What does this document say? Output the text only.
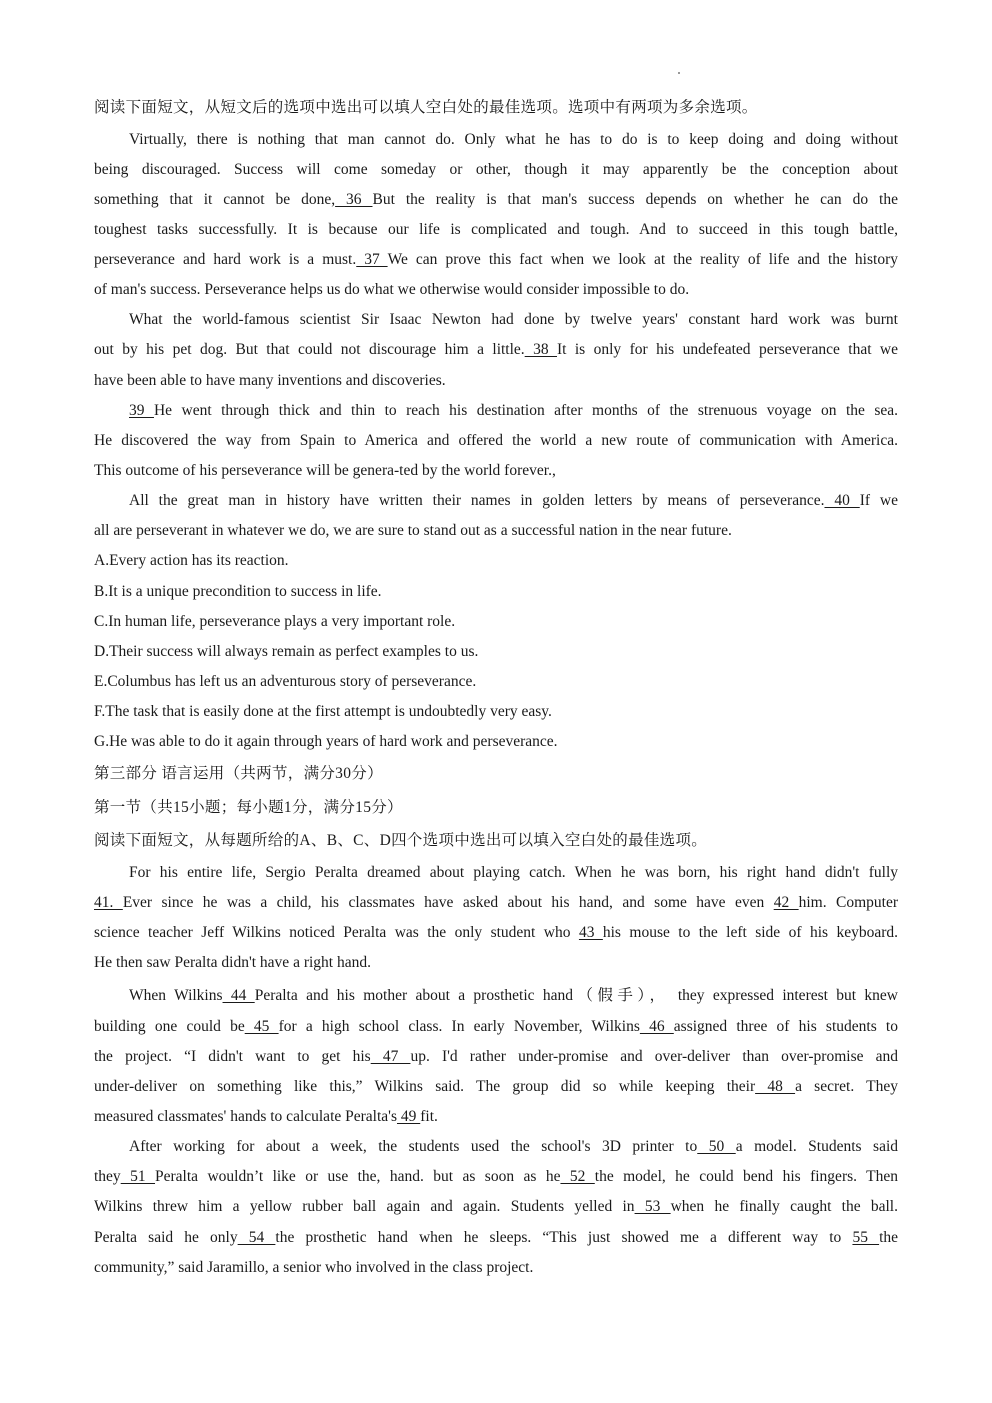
阅读下面短文，从短文后的选项中选出可以填人空白处的最佳选项。选项中有两项为多余选项。
Virtually, there is nothing that man cannot do. Only what he has to do is to keep doing and doing without
being discouraged. Success will come someday or other, though it may apparently be the conception about
something that it cannot be done, 36 But the reality is that man's success depends on whether he can do the
toughest tasks successfully. It is because our life is complicated and tough. And to succeed in this tough battle,
perseverance and hard work is a must. 37 We can prove this fact when we look at the reality of life and the history
of man's success. Perseverance helps us do what we otherwise would consider impossible to do.
What the world-famous scientist Sir Isaac Newton had done by twelve years' constant hard work was burnt
out by his pet dog. But that could not discourage him a little. 38 It is only for his undefeated perseverance that we
have been able to have many inventions and discoveries.
39 He went through thick and thin to reach his destination after months of the strenuous voyage on the sea.
He discovered the way from Spain to America and offered the world a new route of communication with America.
This outcome of his perseverance will be genera-ted by the world forever.,
All the great man in history have written their names in golden letters by means of perseverance. 40 If we
all are perseverant in whatever we do, we are sure to stand out as a successful nation in the near future.
A.Every action has its reaction.
B.It is a unique precondition to success in life.
C.In human life, perseverance plays a very important role.
D.Their success will always remain as perfect examples to us.
E.Columbus has left us an adventurous story of perseverance.
F.The task that is easily done at the first attempt is undoubtedly very easy.
G.He was able to do it again through years of hard work and perseverance.
第三部分 语言运用（共两节，满分30分）
第一节（共15小题；每小题1分，满分15分）
阅读下面短文，从每题所给的A、B、C、D四个选项中选出可以填入空白处的最佳选项。
For his entire life, Sergio Peralta dreamed about playing catch. When he was born, his right hand didn't fully
41. Ever since he was a child, his classmates have asked about his hand, and some have even 42 him. Computer
science teacher Jeff Wilkins noticed Peralta was the only student who 43 his mouse to the left side of his keyboard.
He then saw Peralta didn't have a right hand.
When Wilkins 44 Peralta and his mother about a prosthetic hand（假手）， they expressed interest but knew
building one could be 45 for a high school class. In early November, Wilkins 46 assigned three of his students to
the project. “I didn't want to get his 47 up. I'd rather under-promise and over-deliver than over-promise and
under-deliver on something like this,” Wilkins said. The group did so while keeping their 48 a secret. They
measured classmates' hands to calculate Peralta's 49 fit.
After working for about a week, the students used the school's 3D printer to 50 a model. Students said
they 51 Peralta wouldn’t like or use the, hand. but as soon as he 52 the model, he could bend his fingers. Then
Wilkins threw him a yellow rubber ball again and again. Students yelled in 53 when he finally caught the ball.
Peralta said he only 54 the prosthetic hand when he sleeps. “This just showed me a different way to 55 the
community,” said Jaramillo, a senior who involved in the class project.
